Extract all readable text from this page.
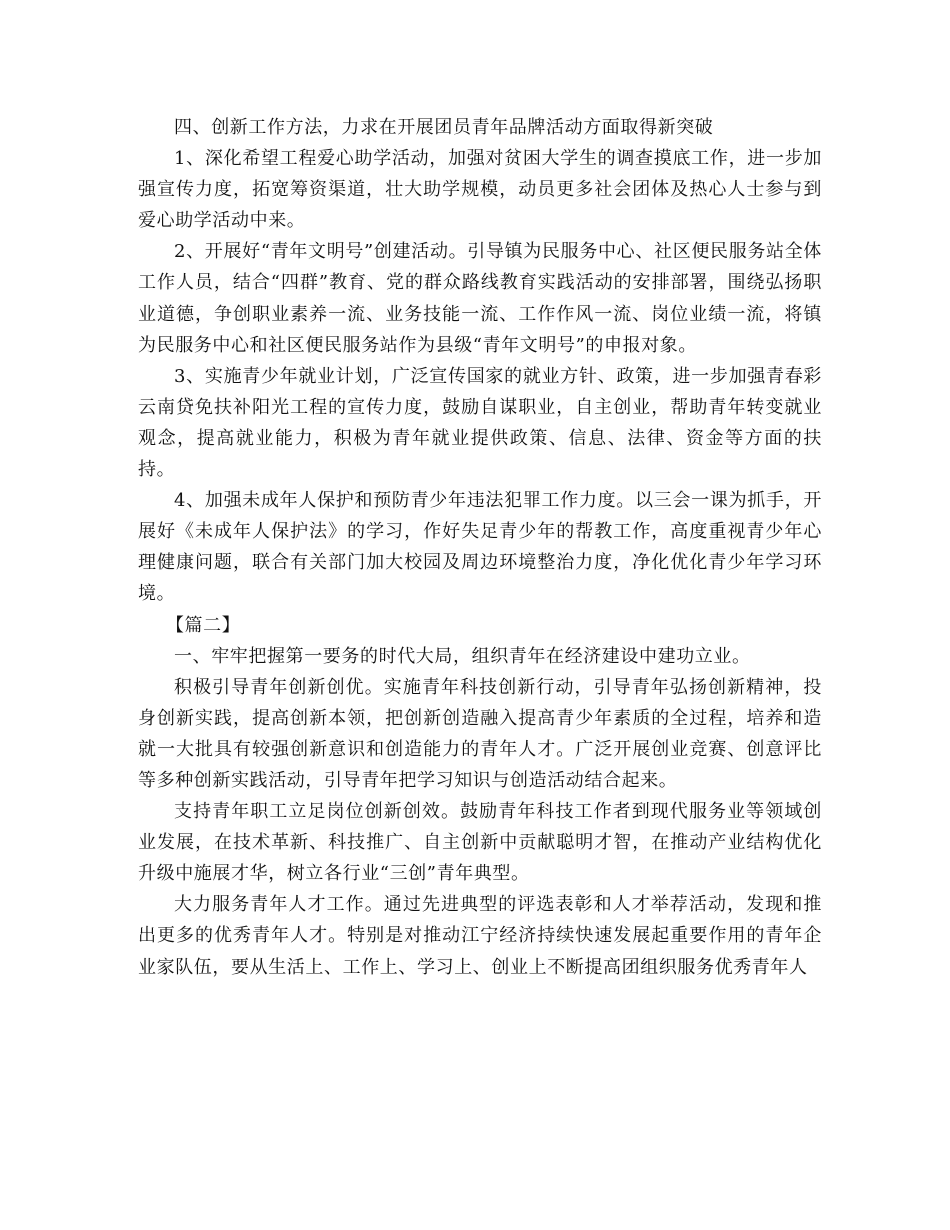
四、创新工作方法，力求在开展团员青年品牌活动方面取得新突破

1、深化希望工程爱心助学活动，加强对贫困大学生的调查摸底工作，进一步加强宣传力度，拓宽筹资渠道，壮大助学规模，动员更多社会团体及热心人士参与到爱心助学活动中来。

2、开展好“青年文明号”创建活动。引导镇为民服务中心、社区便民服务站全体工作人员，结合“四群”教育、党的群众路线教育实践活动的安排部署，围绕弘扬职业道德，争创职业素养一流、业务技能一流、工作作风一流、岗位业绩一流，将镇为民服务中心和社区便民服务站作为县级“青年文明号”的申报对象。

3、实施青少年就业计划，广泛宣传国家的就业方针、政策，进一步加强青春彩云南贷免扶补阳光工程的宣传力度，鼓励自谋职业，自主创业，帮助青年转变就业观念，提高就业能力，积极为青年就业提供政策、信息、法律、资金等方面的扶持。

4、加强未成年人保护和预防青少年违法犯罪工作力度。以三会一课为抓手，开展好《未成年人保护法》的学习，作好失足青少年的帮教工作，高度重视青少年心理健康问题，联合有关部门加大校园及周边环境整治力度，净化优化青少年学习环境。

【篇二】

一、牢牢把握第一要务的时代大局，组织青年在经济建设中建功立业。

积极引导青年创新创优。实施青年科技创新行动，引导青年弘扬创新精神，投身创新实践，提高创新本领，把创新创造融入提高青少年素质的全过程，培养和造就一大批具有较强创新意识和创造能力的青年人才。广泛开展创业竞赛、创意评比等多种创新实践活动，引导青年把学习知识与创造活动结合起来。

支持青年职工立足岗位创新创效。鼓励青年科技工作者到现代服务业等领域创业发展，在技术革新、科技推广、自主创新中贡献聪明才智，在推动产业结构优化升级中施展才华，树立各行业“三创”青年典型。

大力服务青年人才工作。通过先进典型的评选表彰和人才举荐活动，发现和推出更多的优秀青年人才。特别是对推动江宁经济持续快速发展起重要作用的青年企业家队伍，要从生活上、工作上、学习上、创业上不断提高团组织服务优秀青年人
